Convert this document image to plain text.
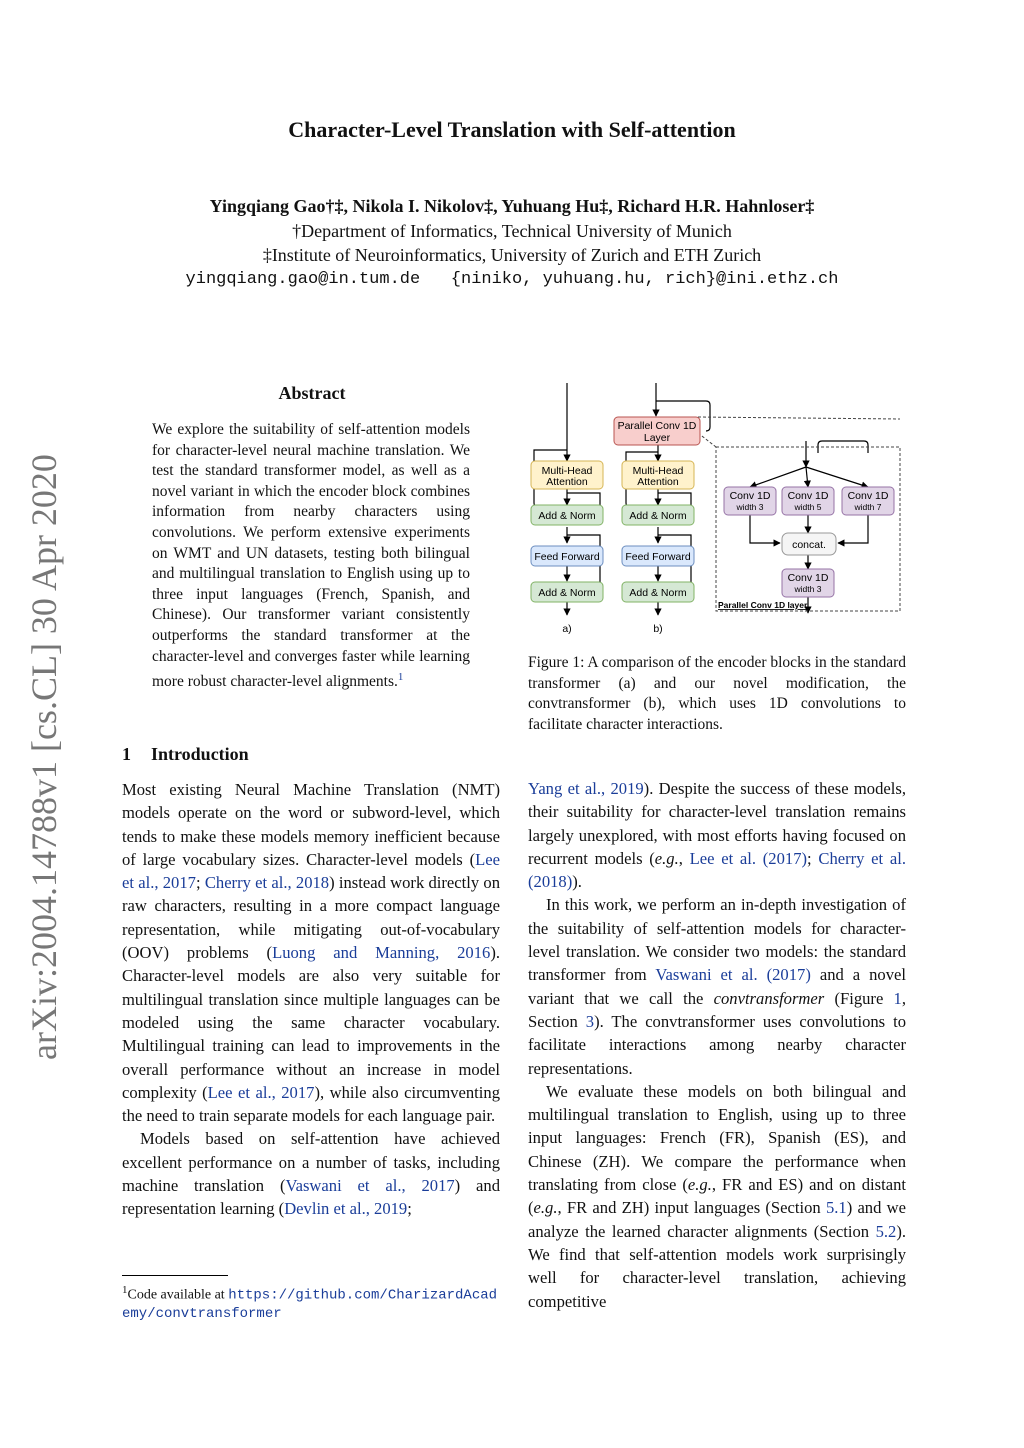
Character-Level Translation with Self-attention
Yingqiang Gao†‡, Nikola I. Nikolov‡, Yuhuang Hu‡, Richard H.R. Hahnloser‡
†Department of Informatics, Technical University of Munich
‡Institute of Neuroinformatics, University of Zurich and ETH Zurich
yingqiang.gao@in.tum.de   {niniko, yuhuang.hu, rich}@ini.ethz.ch
arXiv:2004.14788v1 [cs.CL] 30 Apr 2020
Abstract
We explore the suitability of self-attention models for character-level neural machine translation. We test the standard transformer model, as well as a novel variant in which the encoder block combines information from nearby characters using convolutions. We perform extensive experiments on WMT and UN datasets, testing both bilingual and multilingual translation to English using up to three input languages (French, Spanish, and Chinese). Our transformer variant consistently outperforms the standard transformer at the character-level and converges faster while learning more robust character-level alignments.$^1$
1 Introduction

Most existing Neural Machine Translation (NMT) models operate on the word or subword-level, which tends to make these models memory inefficient because of large vocabulary sizes. Character-level models (Lee et al., 2017; Cherry et al., 2018) instead work directly on raw characters, resulting in a more compact language representation, while mitigating out-of-vocabulary (OOV) problems (Luong and Manning, 2016). Character-level models are also very suitable for multilingual translation since multiple languages can be modeled using the same character vocabulary. Multilingual training can lead to improvements in the overall performance without an increase in model complexity (Lee et al., 2017), while also circumventing the need to train separate models for each language pair.

Models based on self-attention have achieved excellent performance on a number of tasks, including machine translation (Vaswani et al., 2017) and representation learning (Devlin et al., 2019;

$^1$Code available at https://github.com/CharizardAcademy/convtransformer
Parallel Conv 1D
Layer
Multi-Head
Attention
Multi-Head
Attention
Add & Norm	Add & Norm
Feed Forward Feed Forward
Add & Norm	Add & Norm
a)	b)
Conv 1D
width 3
Conv 1D
width 5
Conv 1D
width 7
concat.
Conv 1D
width 3
Parallel Conv 1D layer
Figure 1: A comparison of the encoder blocks in the standard transformer (a) and our novel modification, the convtransformer (b), which uses 1D convolutions to facilitate character interactions.

Yang et al., 2019). Despite the success of these models, their suitability for character-level translation remains largely unexplored, with most efforts having focused on recurrent models (e.g., Lee et al. (2017); Cherry et al. (2018)).

In this work, we perform an in-depth investigation of the suitability of self-attention models for character-level translation. We consider two models: the standard transformer from Vaswani et al. (2017) and a novel variant that we call the convtransformer (Figure 1, Section 3). The convtransformer uses convolutions to facilitate interactions among nearby character representations.

We evaluate these models on both bilingual and multilingual translation to English, using up to three input languages: French (FR), Spanish (ES), and Chinese (ZH). We compare the performance when translating from close (e.g., FR and ES) and on distant (e.g., FR and ZH) input languages (Section 5.1) and we analyze the learned character alignments (Section 5.2). We find that self-attention models work surprisingly well for character-level translation, achieving competitive
